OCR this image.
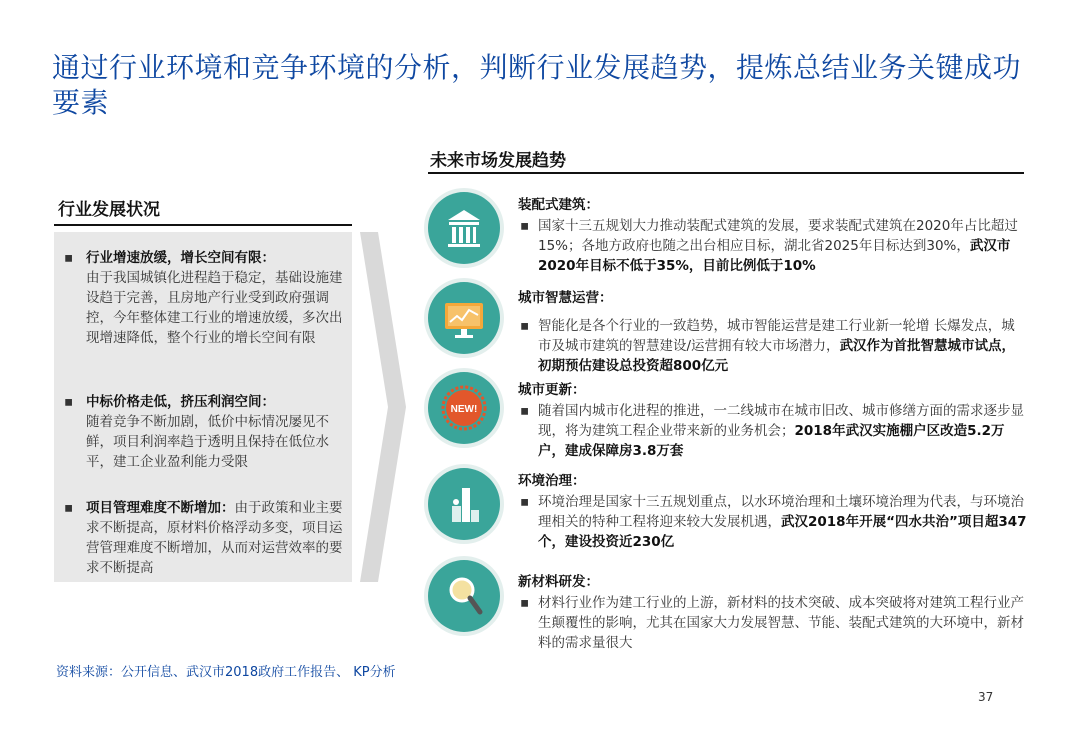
通过行业环境和竞争环境的分析，判断行业发展趋势，提炼总结业务关键成功要素
行业发展状况
▪ 行业增速放缓，增长空间有限：
由于我国城镇化进程趋于稳定，基础设施建设趋于完善，且房地产行业受到政府强调控，今年整体建工行业的增速放缓，多次出现增速降低，整个行业的增长空间有限
▪ 中标价格走低，挤压利润空间：
随着竞争不断加剧，低价中标情况屡见不鲜，项目利润率趋于透明且保持在低位水平，建工企业盈利能力受限
▪ 项目管理难度不断增加：由于政策和业主要求不断提高，原材料价格浮动多变，项目运营管理难度不断增加，从而对运营效率的要求不断提高
未来市场发展趋势
NEW!
装配式建筑：
▪ 国家十三五规划大力推动装配式建筑的发展，要求装配式建筑在2020年占比超过15%；各地方政府也随之出台相应目标，湖北省2025年目标达到30%，武汉市2020年目标不低于35%，目前比例低于10%
城市智慧运营：
▪ 智能化是各个行业的一致趋势，城市智能运营是建工行业新一轮增 长爆发点，城市及城市建筑的智慧建设/运营拥有较大市场潜力，武汉作为首批智慧城市试点，初期预估建设总投资超800亿元
城市更新：
▪ 随着国内城市化进程的推进，一二线城市在城市旧改、城市修缮方面的需求逐步显现，将为建筑工程企业带来新的业务机会；2018年武汉实施棚户区改造5.2万户，建成保障房3.8万套
环境治理：
▪ 环境治理是国家十三五规划重点，以水环境治理和土壤环境治理为代表，与环境治理相关的特种工程将迎来较大发展机遇，武汉2018年开展“四水共治”项目超347个，建设投资近230亿
新材料研发：
▪ 材料行业作为建工行业的上游，新材料的技术突破、成本突破将对建筑工程行业产生颠覆性的影响，尤其在国家大力发展智慧、节能、装配式建筑的大环境中，新材料的需求量很大
资料来源：公开信息、武汉市2018政府工作报告、 KP分析
37
